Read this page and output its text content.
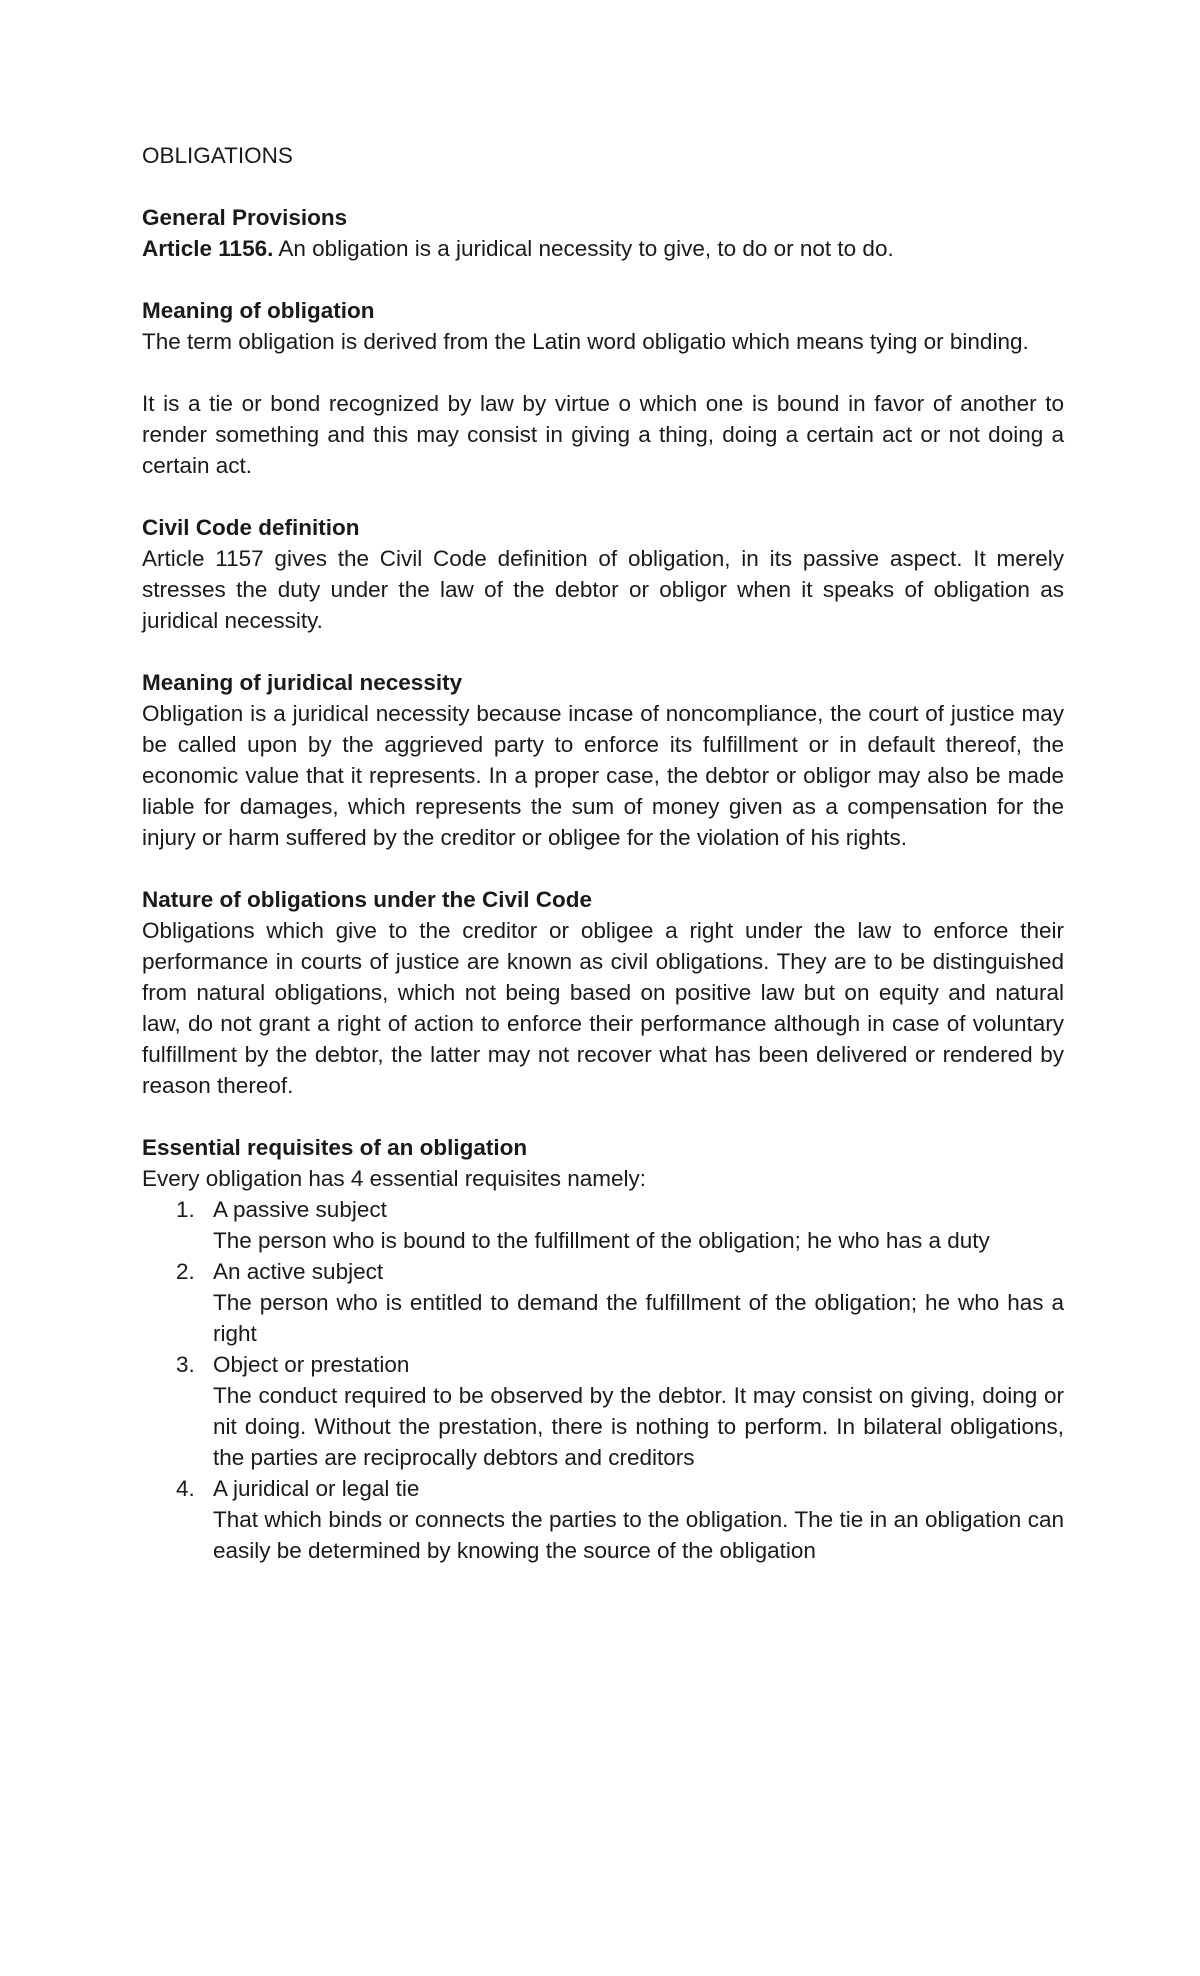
OBLIGATIONS
General Provisions

Article 1156. An obligation is a juridical necessity to give, to do or not to do.

Meaning of obligation

The term obligation is derived from the Latin word obligatio which means tying or binding.

It is a tie or bond recognized by law by virtue o which one is bound in favor of another to render something and this may consist in giving a thing, doing a certain act or not doing a certain act.

Civil Code definition

Article 1157 gives the Civil Code definition of obligation, in its passive aspect. It merely stresses the duty under the law of the debtor or obligor when it speaks of obligation as juridical necessity.

Meaning of juridical necessity

Obligation is a juridical necessity because incase of noncompliance, the court of justice may be called upon by the aggrieved party to enforce its fulfillment or in default thereof, the economic value that it represents. In a proper case, the debtor or obligor may also be made liable for damages, which represents the sum of money given as a compensation for the injury or harm suffered by the creditor or obligee for the violation of his rights.

Nature of obligations under the Civil Code

Obligations which give to the creditor or obligee a right under the law to enforce their performance in courts of justice are known as civil obligations. They are to be distinguished from natural obligations, which not being based on positive law but on equity and natural law, do not grant a right of action to enforce their performance although in case of voluntary fulfillment by the debtor, the latter may not recover what has been delivered or rendered by reason thereof.

Essential requisites of an obligation

Every obligation has 4 essential requisites namely:

1. A passive subject
The person who is bound to the fulfillment of the obligation; he who has a duty
2. An active subject
The person who is entitled to demand the fulfillment of the obligation; he who has a right
3. Object or prestation
The conduct required to be observed by the debtor. It may consist on giving, doing or nit doing. Without the prestation, there is nothing to perform. In bilateral obligations, the parties are reciprocally debtors and creditors
4. A juridical or legal tie
That which binds or connects the parties to the obligation. The tie in an obligation can easily be determined by knowing the source of the obligation
